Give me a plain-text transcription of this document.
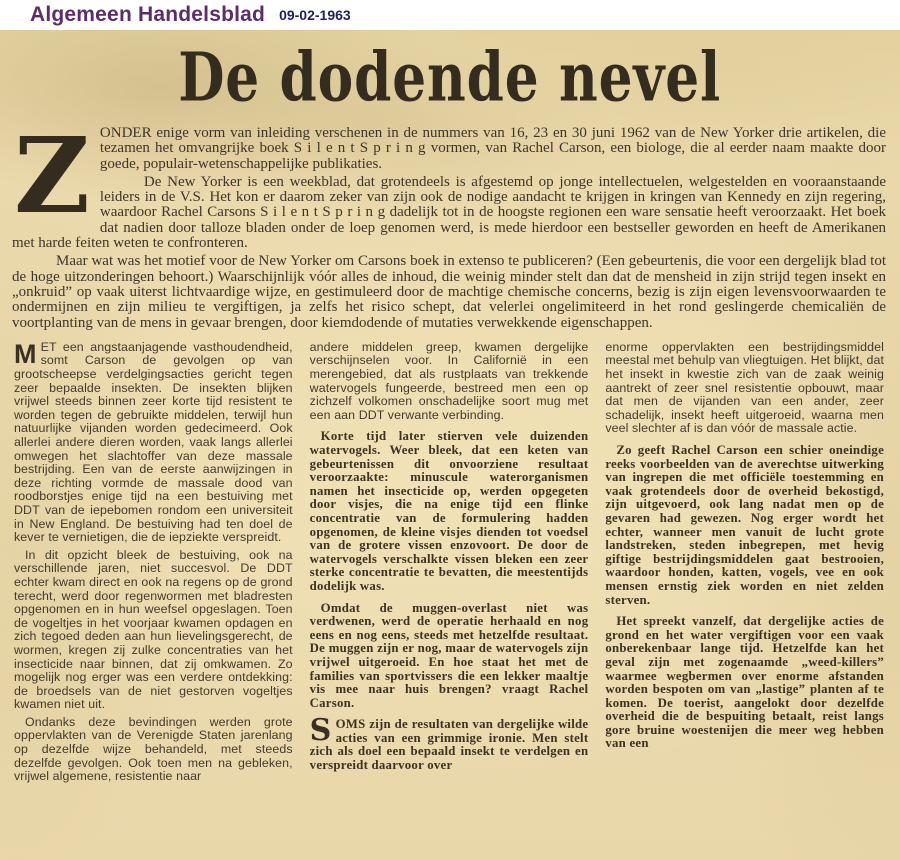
Algemeen Handelsblad 09-02-1963
De dodende nevel
Z ONDER enige vorm van inleiding verschenen in de nummers van 16, 23 en 30 juni 1962 van de New Yorker drie artikelen, die tezamen het omvangrijke boek S i l e n t S p r i n g vormen, van Rachel Carson, een biologe, die al eerder naam maakte door goede, populair-wetenschappelijke publikaties.

De New Yorker is een weekblad, dat grotendeels is afgestemd op jonge intellectuelen, welgestelden en vooraanstaande leiders in de V.S. Het kon er daarom zeker van zijn ook de nodige aandacht te krijgen in kringen van Kennedy en zijn regering, waardoor Rachel Carsons S i l e n t S p r i n g dadelijk tot in de hoogste regionen een ware sensatie heeft veroorzaakt. Het boek dat nadien door talloze bladen onder de loep genomen werd, is mede hierdoor een bestseller geworden en heeft de Amerikanen met harde feiten weten te confronteren.

Maar wat was het motief voor de New Yorker om Carsons boek in extenso te publiceren? (Een gebeurtenis, die voor een dergelijk blad tot de hoge uitzonderingen behoort.) Waarschijnlijk vóór alles de inhoud, die weinig minder stelt dan dat de mensheid in zijn strijd tegen insekt en „onkruid” op vaak uiterst lichtvaardige wijze, en gestimuleerd door de machtige chemische concerns, bezig is zijn eigen levensvoorwaarden te ondermijnen en zijn milieu te vergiftigen, ja zelfs het risico schept, dat velerlei ongelimiteerd in het rond geslingerde chemicaliën de voortplanting van de mens in gevaar brengen, door kiemdodende of mutaties verwekkende eigenschappen.

MET een angstaanjagende vasthoudendheid, somt Carson de gevolgen op van grootscheepse verdelgingsacties gericht tegen zeer bepaalde insekten. De insekten blijken vrijwel steeds binnen zeer korte tijd resistent te worden tegen de gebruikte middelen, terwijl hun natuurlijke vijanden worden gedecimeerd. Ook allerlei andere dieren worden, vaak langs allerlei omwegen het slachtoffer van deze massale bestrijding. Een van de eerste aanwijzingen in deze richting vormde de massale dood van roodborstjes enige tijd na een bestuiving met DDT van de iepebomen rondom een universiteit in New England. De bestuiving had ten doel de kever te vernietigen, die de iepziekte verspreidt.

In dit opzicht bleek de bestuiving, ook na verschillende jaren, niet succesvol. De DDT echter kwam direct en ook na regens op de grond terecht, werd door regenwormen met bladresten opgenomen en in hun weefsel opgeslagen. Toen de vogeltjes in het voorjaar kwamen opdagen en zich tegoed deden aan hun lievelingsgerecht, de wormen, kregen zij zulke concentraties van het insecticide naar binnen, dat zij omkwamen. Zo mogelijk nog erger was een verdere ontdekking: de broedsels van de niet gestorven vogeltjes kwamen niet uit.

Ondanks deze bevindingen werden grote oppervlakten van de Verenigde Staten jarenlang op dezelfde wijze behandeld, met steeds dezelfde gevolgen. Ook toen men na gebleken, vrijwel algemene, resistentie naar

andere middelen greep, kwamen dergelijke verschijnselen voor. In Californië in een merengebied, dat als rustplaats van trekkende watervogels fungeerde, bestreed men een op zichzelf volkomen onschadelijke soort mug met een aan DDT verwante verbinding.

Korte tijd later stierven vele duizenden watervogels. Weer bleek, dat een keten van gebeurtenissen dit onvoorziene resultaat veroorzaakte: minuscule waterorganismen namen het insecticide op, werden opgegeten door visjes, die na enige tijd een flinke concentratie van de formulering hadden opgenomen, de kleine visjes dienden tot voedsel van de grotere vissen enzovoort. De door de watervogels verschalkte vissen bleken een zeer sterke concentratie te bevatten, die meestentijds dodelijk was.

Omdat de muggen-overlast niet was verdwenen, werd de operatie herhaald en nog eens en nog eens, steeds met hetzelfde resultaat. De muggen zijn er nog, maar de watervogels zijn vrijwel uitgeroeid. En hoe staat het met de families van sportvissers die een lekker maaltje vis mee naar huis brengen? vraagt Rachel Carson.

SOMS zijn de resultaten van dergelijke wilde acties van een grimmige ironie. Men stelt zich als doel een bepaald insekt te verdelgen en verspreidt daarvoor over

enorme oppervlakten een bestrijdingsmiddel meestal met behulp van vliegtuigen. Het blijkt, dat het insekt in kwestie zich van de zaak weinig aantrekt of zeer snel resistentie opbouwt, maar dat men de vijanden van een ander, zeer schadelijk, insekt heeft uitgeroeid, waarna men veel slechter af is dan vóór de massale actie.

Zo geeft Rachel Carson een schier oneindige reeks voorbeelden van de averechtse uitwerking van ingrepen die met officiële toestemming en vaak grotendeels door de overheid bekostigd, zijn uitgevoerd, ook lang nadat men op de gevaren had gewezen. Nog erger wordt het echter, wanneer men vanuit de lucht grote landstreken, steden inbegrepen, met hevig giftige bestrijdingsmiddelen gaat bestrooien, waardoor honden, katten, vogels, vee en ook mensen ernstig ziek worden en niet zelden sterven.

Het spreekt vanzelf, dat dergelijke acties de grond en het water vergiftigen voor een vaak onberekenbaar lange tijd. Hetzelfde kan het geval zijn met zogenaamde „weed-killers” waarmee wegbermen over enorme afstanden worden bespoten om van „lastige” planten af te komen. De toerist, aangelokt door dezelfde overheid die de bespuiting betaalt, reist langs gore bruine woestenijen die meer weg hebben van een
